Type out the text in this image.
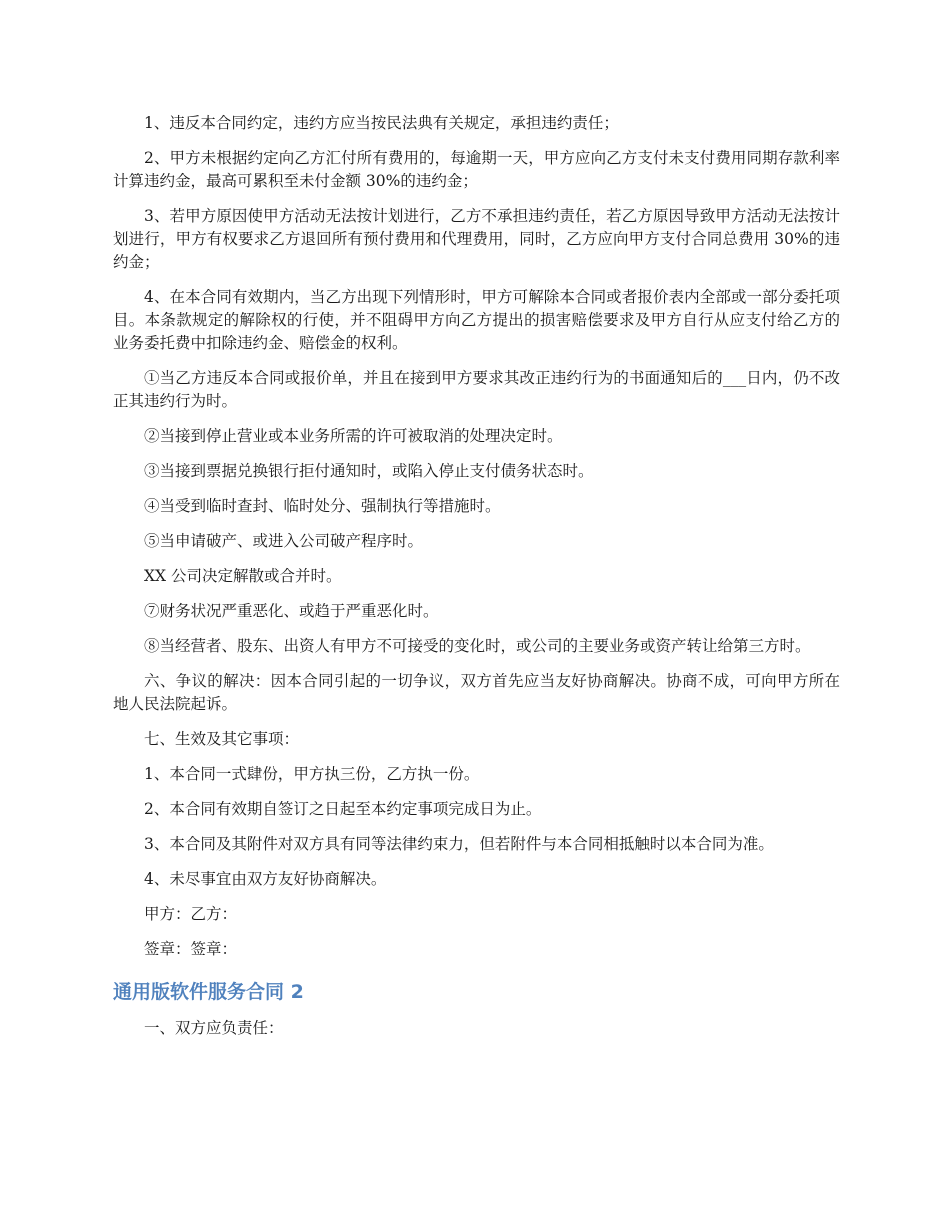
1、违反本合同约定，违约方应当按民法典有关规定，承担违约责任；

2、甲方未根据约定向乙方汇付所有费用的，每逾期一天，甲方应向乙方支付未支付费用同期存款利率计算违约金，最高可累积至未付金额 30%的违约金；

3、若甲方原因使甲方活动无法按计划进行，乙方不承担违约责任，若乙方原因导致甲方活动无法按计划进行，甲方有权要求乙方退回所有预付费用和代理费用，同时，乙方应向甲方支付合同总费用 30%的违约金；

4、在本合同有效期内，当乙方出现下列情形时，甲方可解除本合同或者报价表内全部或一部分委托项目。本条款规定的解除权的行使，并不阻碍甲方向乙方提出的损害赔偿要求及甲方自行从应支付给乙方的业务委托费中扣除违约金、赔偿金的权利。

①当乙方违反本合同或报价单，并且在接到甲方要求其改正违约行为的书面通知后的___日内，仍不改正其违约行为时。

②当接到停止营业或本业务所需的许可被取消的处理决定时。

③当接到票据兑换银行拒付通知时，或陷入停止支付债务状态时。

④当受到临时查封、临时处分、强制执行等措施时。

⑤当申请破产、或进入公司破产程序时。

XX 公司决定解散或合并时。

⑦财务状况严重恶化、或趋于严重恶化时。

⑧当经营者、股东、出资人有甲方不可接受的变化时，或公司的主要业务或资产转让给第三方时。

六、争议的解决：因本合同引起的一切争议，双方首先应当友好协商解决。协商不成，可向甲方所在地人民法院起诉。

七、生效及其它事项：

1、本合同一式肆份，甲方执三份，乙方执一份。

2、本合同有效期自签订之日起至本约定事项完成日为止。

3、本合同及其附件对双方具有同等法律约束力，但若附件与本合同相抵触时以本合同为准。

4、未尽事宜由双方友好协商解决。

甲方：乙方：

签章：签章：

通用版软件服务合同 2

一、双方应负责任：
